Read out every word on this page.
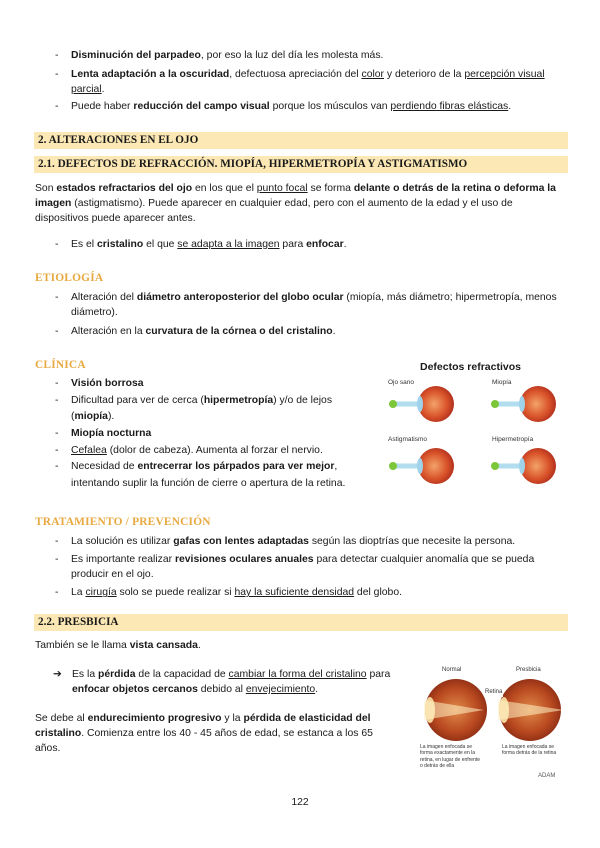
- Disminución del parpadeo, por eso la luz del día les molesta más.
- Lenta adaptación a la oscuridad, defectuosa apreciación del color y deterioro de la percepción visual parcial.
- Puede haber reducción del campo visual porque los músculos van perdiendo fibras elásticas.
2. ALTERACIONES EN EL OJO
2.1. DEFECTOS DE REFRACCIÓN. MIOPÍA, HIPERMETROPÍA Y ASTIGMATISMO

Son estados refractarios del ojo en los que el punto focal se forma delante o detrás de la retina o deforma la imagen (astigmatismo). Puede aparecer en cualquier edad, pero con el aumento de la edad y el uso de dispositivos puede aparecer antes.

- Es el cristalino el que se adapta a la imagen para enfocar.
ETIOLOGÍA
- Alteración del diámetro anteroposterior del globo ocular (miopía, más diámetro; hipermetropía, menos diámetro).
- Alteración en la curvatura de la córnea o del cristalino.
CLÍNICA
- Visión borrosa
- Dificultad para ver de cerca (hipermetropía) y/o de lejos (miopía).
- Miopía nocturna
- Cefalea (dolor de cabeza). Aumenta al forzar el nervio.
- Necesidad de entrecerrar los párpados para ver mejor, intentando suplir la función de cierre o apertura de la retina.
Defectos refractivos
Ojo sano	Miopía
Astigmatismo	Hipermetropía
TRATAMIENTO / PREVENCIÓN
- La solución es utilizar gafas con lentes adaptadas según las dioptrías que necesite la persona.
- Es importante realizar revisiones oculares anuales para detectar cualquier anomalía que se pueda producir en el ojo.
- La cirugía solo se puede realizar si hay la suficiente densidad del globo.
2.2. PRESBICIA

También se le llama vista cansada.

➔ Es la pérdida de la capacidad de cambiar la forma del cristalino para enfocar objetos cercanos debido al envejecimiento.

Se debe al endurecimiento progresivo y la pérdida de elasticidad del cristalino. Comienza entre los 40 - 45 años de edad, se estanca a los 65 años.

Normal	Presbicia
Retina
La imagen enfocada se forma exactamente en la retina, en lugar de enfrente o detrás de ella
La imagen enfocada se forma detrás de la retina
ADAM
122
